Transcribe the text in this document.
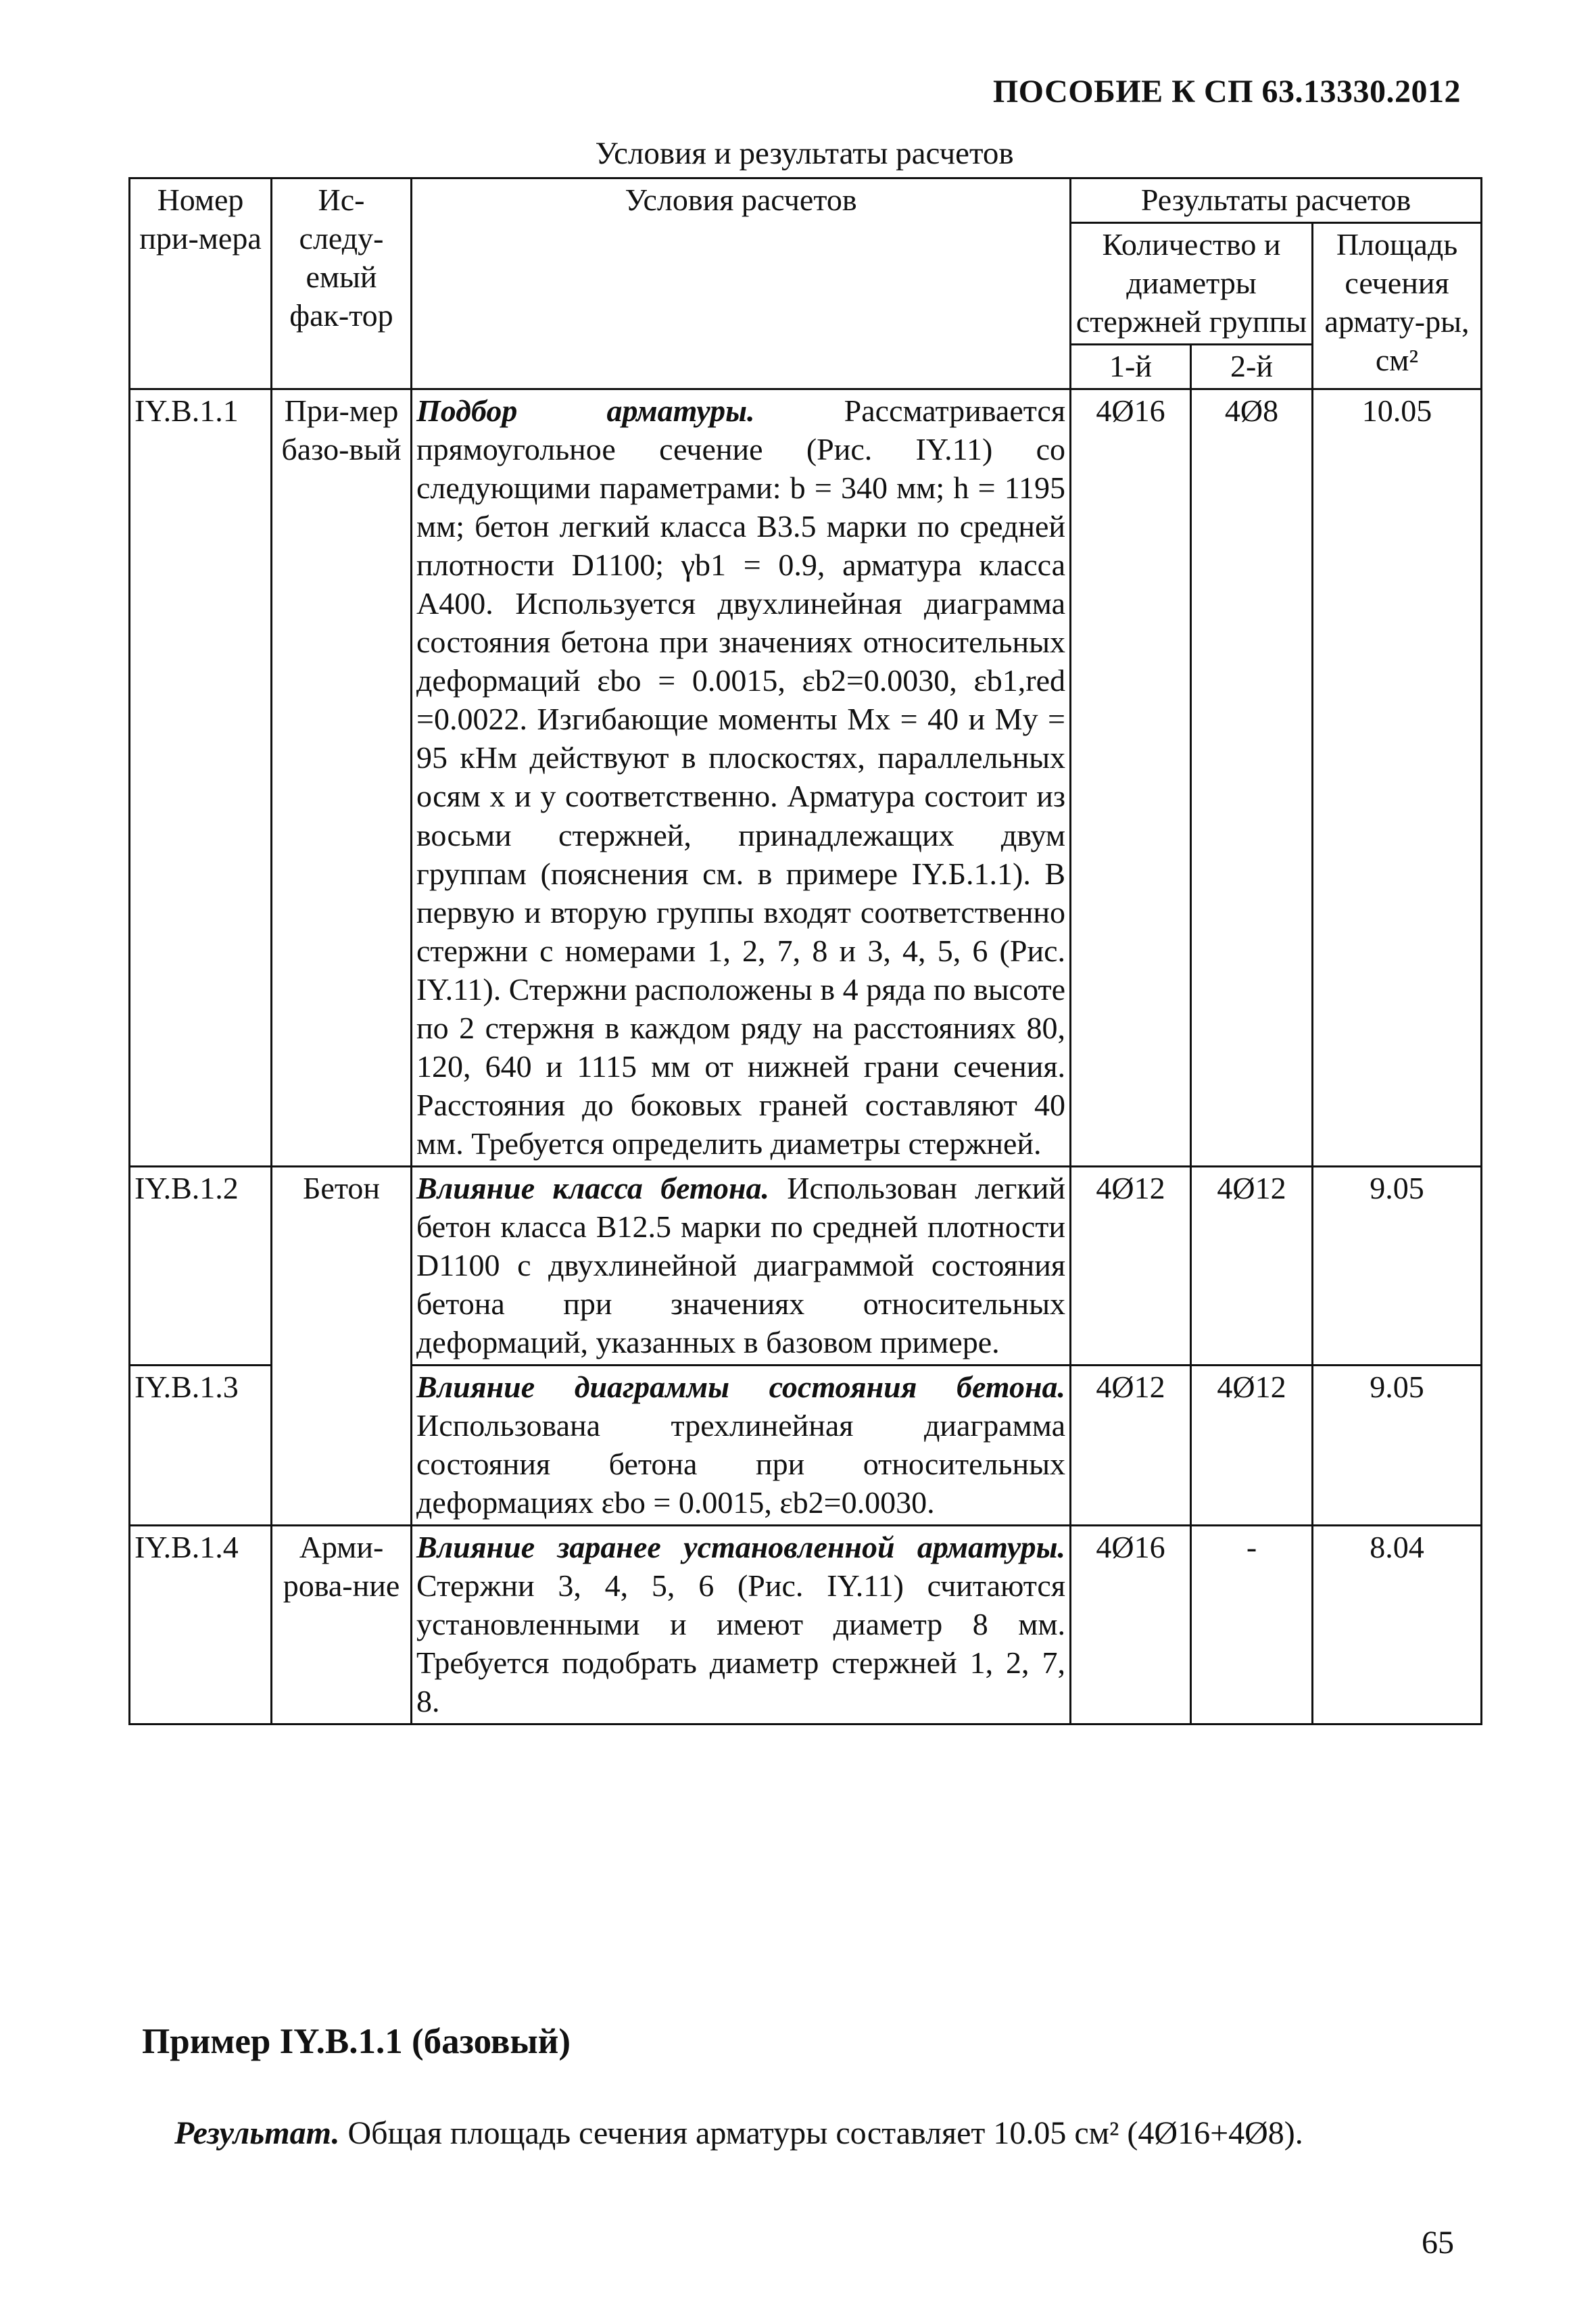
ПОСОБИЕ К СП 63.13330.2012
Условия и результаты расчетов
Номер при-мера	Ис-следу-емый фак-тор	Условия расчетов	Результаты расчетов		
			Количество и диаметры стержней группы		Площадь сечения армату-ры, см²
			1-й	2-й	
IY.B.1.1	При-мер базо-вый	Подбор арматуры. Рассматривается прямоугольное сечение (Рис. IY.11) со следующими параметрами: b = 340 мм; h = 1195 мм; бетон легкий класса B3.5 марки по средней плотности D1100; γb1 = 0.9, арматура класса A400. Используется двухлинейная диаграмма состояния бетона при значениях относительных деформаций εbo = 0.0015, εb2=0.0030, εb1,red =0.0022. Изгибающие моменты Mx = 40 и My = 95 кНм действуют в плоскостях, параллельных осям x и y соответственно. Арматура состоит из восьми стержней, принадлежащих двум группам (пояснения см. в примере IY.Б.1.1). В первую и вторую группы входят соответственно стержни с номерами 1, 2, 7, 8 и 3, 4, 5, 6 (Рис. IY.11). Стержни расположены в 4 ряда по высоте по 2 стержня в каждом ряду на расстояниях 80, 120, 640 и 1115 мм от нижней грани сечения. Расстояния до боковых граней составляют 40 мм. Требуется определить диаметры стержней.	4Ø16	4Ø8	10.05
IY.B.1.2	Бетон	Влияние класса бетона. Использован легкий бетон класса B12.5 марки по средней плотности D1100 с двухлинейной диаграммой состояния бетона при значениях относительных деформаций, указанных в базовом примере.	4Ø12	4Ø12	9.05
IY.B.1.3		Влияние диаграммы состояния бетона. Использована трехлинейная диаграмма состояния бетона при относительных деформациях εbo = 0.0015, εb2=0.0030.	4Ø12	4Ø12	9.05
IY.B.1.4	Арми-рова-ние	Влияние заранее установленной арматуры. Стержни 3, 4, 5, 6 (Рис. IY.11) считаются установленными и имеют диаметр 8 мм. Требуется подобрать диаметр стержней 1, 2, 7, 8.	4Ø16	-	8.04
Пример IY.B.1.1 (базовый)
Результат. Общая площадь сечения арматуры составляет 10.05 см² (4Ø16+4Ø8).
65
